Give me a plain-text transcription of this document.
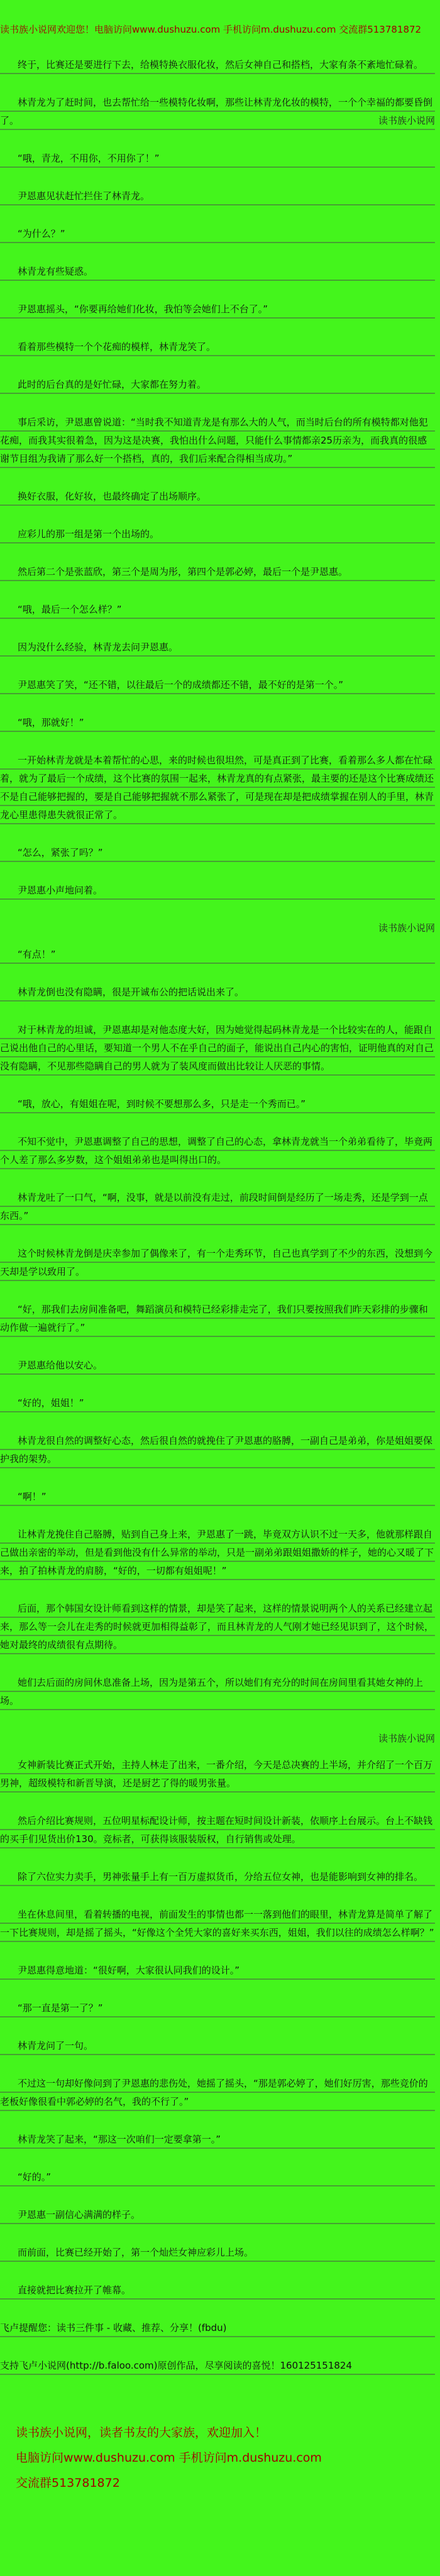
读书族小说网欢迎您！电脑访问www.dushuzu.com 手机访问m.dushuzu.com 交流群513781872

终于，比赛还是要进行下去，给模特换衣服化妆，然后女神自己和搭档，大家有条不紊地忙碌着。

林青龙为了赶时间，也去帮忙给一些模特化妆啊，那些让林青龙化妆的模特，一个个幸福的都要昏倒了。	读书族小说网

“哦，青龙，不用你，不用你了！”

尹恩惠见状赶忙拦住了林青龙。

“为什么？”

林青龙有些疑惑。

尹恩惠摇头，“你要再给她们化妆，我怕等会她们上不台了。”

看着那些模特一个个花痴的模样，林青龙笑了。

此时的后台真的是好忙碌，大家都在努力着。

事后采访，尹恩惠曾说道：“当时我不知道青龙是有那么大的人气，而当时后台的所有模特都对他犯花痴，而我其实很着急，因为这是决赛，我怕出什么问题，只能什么事情都亲25历亲为，而我真的很感谢节目组为我请了那么好一个搭档，真的，我们后来配合得相当成功。”

换好衣服，化好妆，也最终确定了出场顺序。

应彩儿的那一组是第一个出场的。

然后第二个是张蓝欣，第三个是周为彤，第四个是郭必婷，最后一个是尹恩惠。

“哦，最后一个怎么样？”

因为没什么经验，林青龙去问尹恩惠。

尹恩惠笑了笑，“还不错，以往最后一个的成绩都还不错，最不好的是第一个。”

“哦，那就好！”

一开始林青龙就是本着帮忙的心思，来的时候也很坦然，可是真正到了比赛，看着那么多人都在忙碌着，就为了最后一个成绩，这个比赛的氛围一起来，林青龙真的有点紧张，最主要的还是这个比赛成绩还不是自己能够把握的，要是自己能够把握就不那么紧张了，可是现在却是把成绩掌握在别人的手里，林青龙心里患得患失就很正常了。

“怎么，紧张了吗？”

尹恩惠小声地问着。

读书族小说网

“有点！”

林青龙倒也没有隐瞒，很是开诚布公的把话说出来了。

对于林青龙的坦诚，尹恩惠却是对他态度大好，因为她觉得起码林青龙是一个比较实在的人，能跟自己说出他自己的心里话，要知道一个男人不在乎自己的面子，能说出自己内心的害怕，证明他真的对自己没有隐瞒，不见那些隐瞒自己的男人就为了装风度而做出比较让人厌恶的事情。

“哦，放心，有姐姐在呢，到时候不要想那么多，只是走一个秀而已。”

不知不觉中，尹恩惠调整了自己的思想，调整了自己的心态，拿林青龙就当一个弟弟看待了，毕竟两个人差了那么多岁数，这个姐姐弟弟也是叫得出口的。

林青龙吐了一口气，“啊，没事，就是以前没有走过，前段时间倒是经历了一场走秀，还是学到一点东西。”

这个时候林青龙倒是庆幸参加了偶像来了，有一个走秀环节，自己也真学到了不少的东西，没想到今天却是学以致用了。

“好，那我们去房间准备吧，舞蹈演员和模特已经彩排走完了，我们只要按照我们昨天彩排的步骤和动作做一遍就行了。”

尹恩惠给他以安心。

“好的，姐姐！”

林青龙很自然的调整好心态，然后很自然的就挽住了尹恩惠的胳膊，一副自己是弟弟，你是姐姐要保护我的架势。

“啊！”

让林青龙挽住自己胳膊，贴到自己身上来，尹恩惠了一跳，毕竟双方认识不过一天多，他就那样跟自己做出亲密的举动，但是看到他没有什么异常的举动，只是一副弟弟跟姐姐撒娇的样子，她的心又暖了下来，拍了拍林青龙的肩膀，“好的，一切都有姐姐呢！”

后面，那个韩国女设计师看到这样的情景，却是笑了起来，这样的情景说明两个人的关系已经建立起来，那么等一会儿在走秀的时候就更加相得益彰了，而且林青龙的人气刚才她已经见识到了，这个时候，她对最终的成绩很有点期待。

她们去后面的房间休息准备上场，因为是第五个，所以她们有充分的时间在房间里看其她女神的上场。

读书族小说网

女神新装比赛正式开始，主持人林走了出来，一番介绍，今天是总决赛的上半场，并介绍了一个百万男神，超级模特和新晋导演，还是厨艺了得的暖男张量。

然后介绍比赛规则，五位明星标配设计师，按主题在短时间设计新装，依顺序上台展示。台上不缺钱的买手们见货出价130。竞标者，可获得该服装版权，自行销售或处理。

除了六位实力卖手，男神张量手上有一百万虚拟货币，分给五位女神，也是能影响到女神的排名。

坐在休息间里，看着转播的电视，前面发生的事情也都一一落到他们的眼里，林青龙算是简单了解了一下比赛规则，却是摇了摇头，“好像这个全凭大家的喜好来买东西，姐姐，我们以往的成绩怎么样啊？”

尹恩惠得意地道：“很好啊，大家很认同我们的设计。”

“那一直是第一了？”

林青龙问了一句。

不过这一句却好像问到了尹恩惠的悲伤处，她摇了摇头，“那是郭必婷了，她们好厉害，那些竞价的老板好像很看中郭必婷的名气，我的不行了。”

林青龙笑了起来，“那这一次咱们一定要拿第一。”

“好的。”

尹恩惠一副信心满满的样子。

而前面，比赛已经开始了，第一个灿烂女神应彩儿上场。

直接就把比赛拉开了帷幕。

飞卢提醒您：读书三件事 - 收藏、推荐、分享！(fbdu)

支持飞卢小说网(http://b.faloo.com)原创作品，尽享阅读的喜悦！160125151824

读书族小说网，读者书友的大家族，欢迎加入！
电脑访问www.dushuzu.com 手机访问m.dushuzu.com
交流群513781872
